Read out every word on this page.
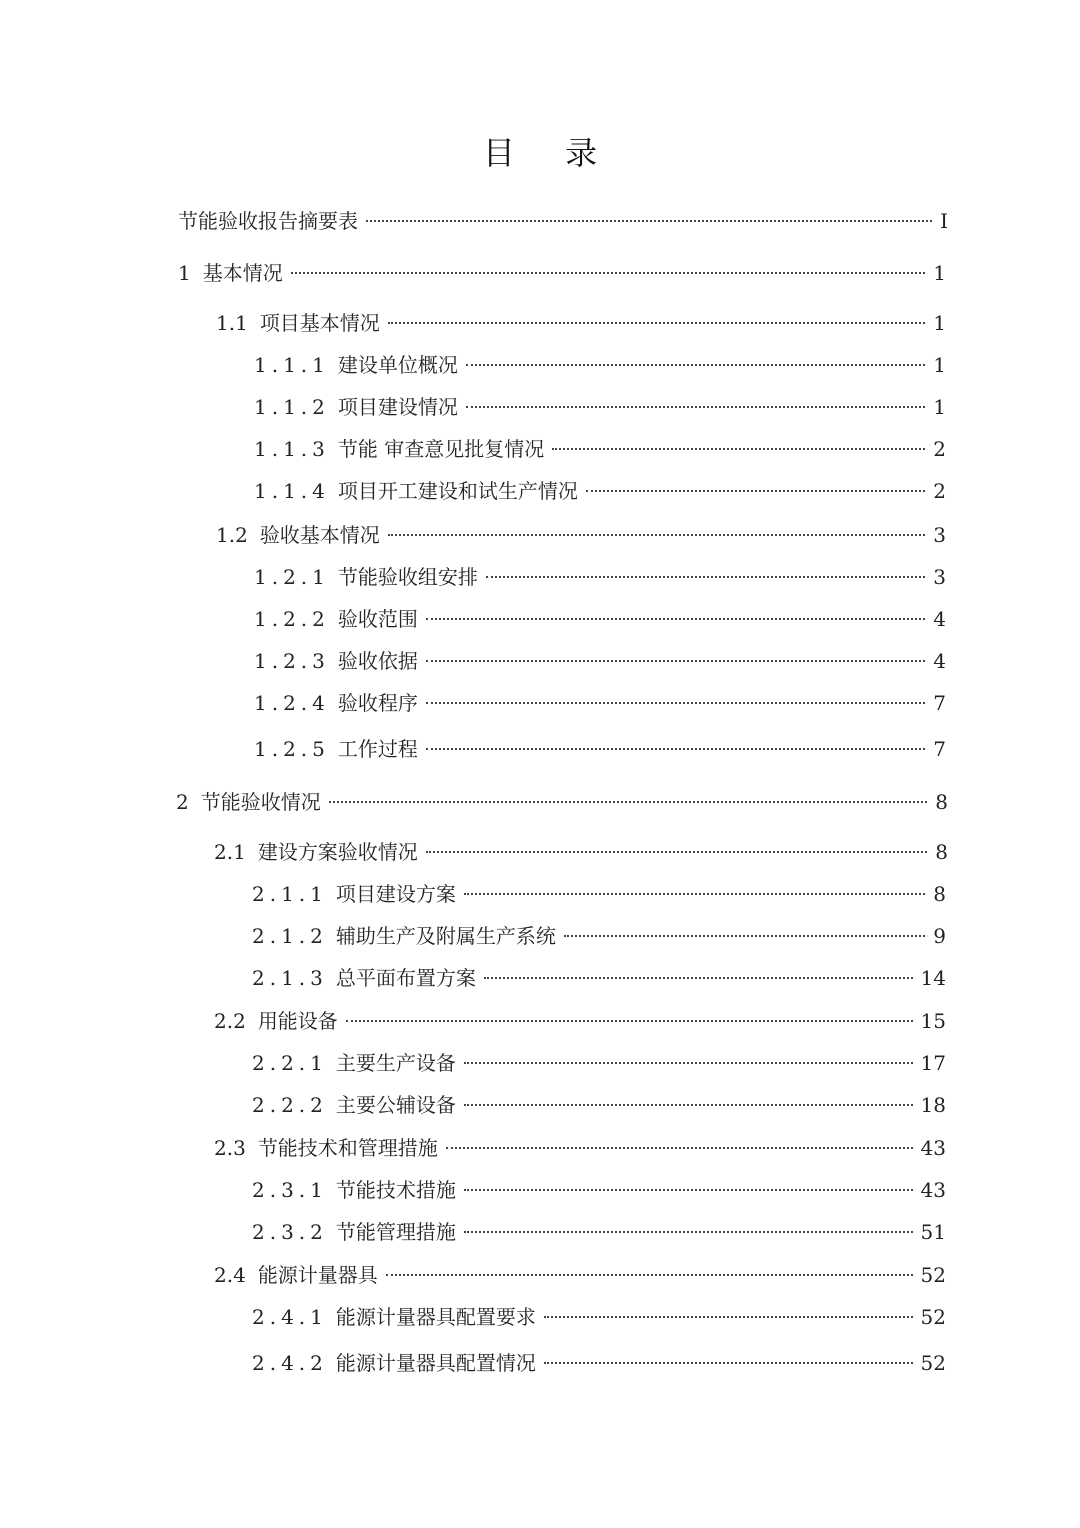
目 录
节能验收报告摘要表	I
1 基本情况	1
1.1 项目基本情况	1
1.1.1 建设单位概况	1
1.1.2 项目建设情况	1
1.1.3 节能 审查意见批复情况	2
1.1.4 项目开工建设和试生产情况	2
1.2 验收基本情况	3
1.2.1 节能验收组安排	3
1.2.2 验收范围	4
1.2.3 验收依据	4
1.2.4 验收程序	7
1.2.5 工作过程	7
2 节能验收情况	8
2.1 建设方案验收情况	8
2.1.1 项目建设方案	8
2.1.2 辅助生产及附属生产系统	9
2.1.3 总平面布置方案	14
2.2 用能设备	15
2.2.1 主要生产设备	17
2.2.2 主要公辅设备	18
2.3 节能技术和管理措施	43
2.3.1 节能技术措施	43
2.3.2 节能管理措施	51
2.4 能源计量器具	52
2.4.1 能源计量器具配置要求	52
2.4.2 能源计量器具配置情况	52
